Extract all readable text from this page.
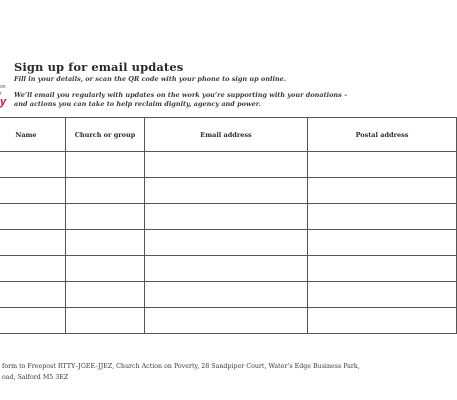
on
r
y
Sign up for email updates
Fill in your details, or scan the QR code with your phone to sign up online.
We’ll email you regularly with updates on the work you’re supporting with your donations –
and actions you can take to help reclaim dignity, agency and power.
Name	Church or group	Email address	Postal address

form to Freepost RTTY–JGEE–JJEZ, Church Action on Poverty, 28 Sandpiper Court, Water’s Edge Business Park,
oad, Salford M5 3EZ
